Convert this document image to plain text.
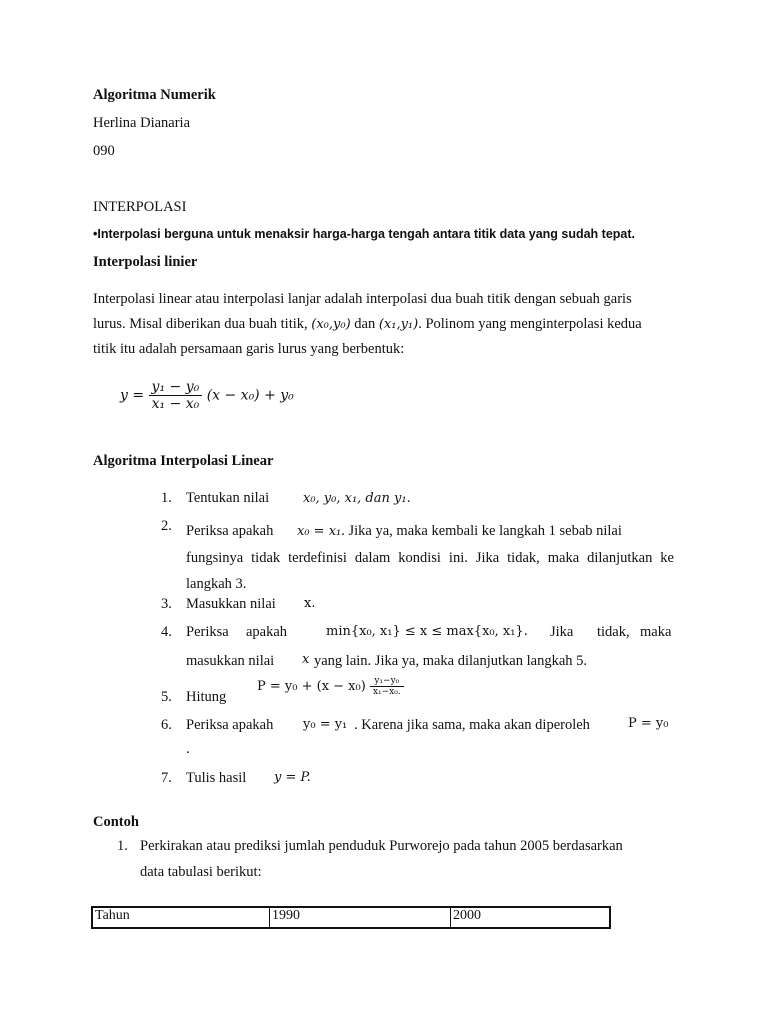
Algoritma Numerik
Herlina Dianaria
090
INTERPOLASI
•Interpolasi berguna untuk menaksir harga-harga tengah antara titik data yang sudah tepat.
Interpolasi linier
Interpolasi linear atau interpolasi lanjar adalah interpolasi dua buah titik dengan sebuah garis
lurus. Misal diberikan dua buah titik, (x₀,y₀) dan (x₁,y₁). Polinom yang menginterpolasi kedua
titik itu adalah persamaan garis lurus yang berbentuk:
$y = \frac{\text{y₁ − y₀}}{\text{x₁ − x₀}} (x - x_0) + y_0$
Algoritma Interpolasi Linear
1. Tentukan nilai	x₀, y₀, x₁, dan y₁.
2. Periksa apakah x₀ = x₁. Jika ya, maka kembali ke langkah 1 sebab nilai
fungsinya tidak terdefinisi dalam kondisi ini. Jika tidak, maka dilanjutkan ke
langkah 3.
3. Masukkan nilai x.
4. Periksa apakah	min{x₀, x₁} ≤ x ≤ max{x₀, x₁}. Jika tidak, maka
masukkan nilai x yang lain. Jika ya, maka dilanjutkan langkah 5.
5. Hitung
$P = y_0 + (x - x_0) \frac{\text{y₁−y₀}}{\text{x₁−x₀.}}$
6. Periksa apakah y₀ = y₁ . Karena jika sama, maka akan diperoleh	P = y₀
.
7. Tulis hasil y = P.
Contoh
1. Perkirakan atau prediksi jumlah penduduk Purworejo pada tahun 2005 berdasarkan
data tabulasi berikut:
Tahun	1990	2000
